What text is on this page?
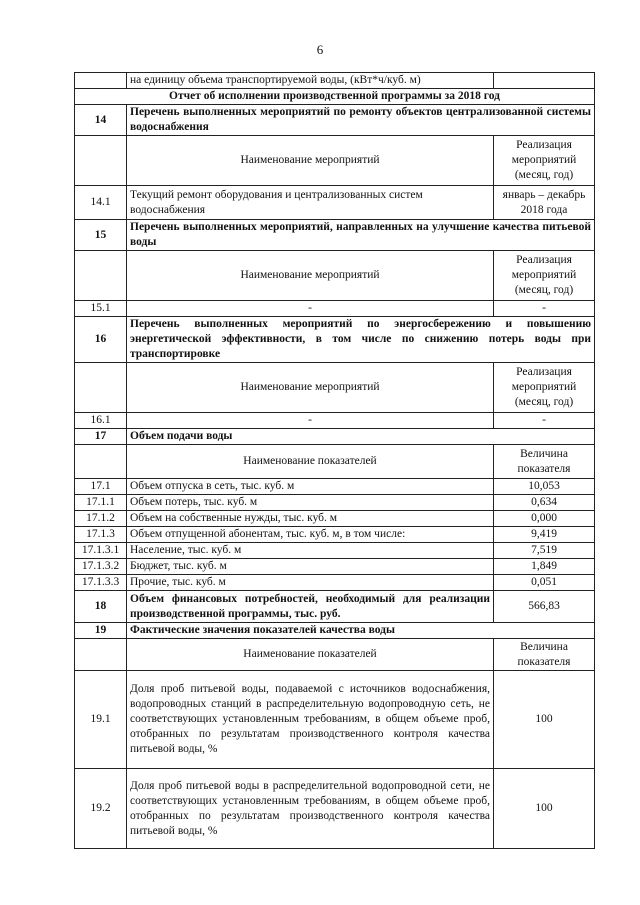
6
	на единицу объема транспортируемой воды, (кВт*ч/куб. м)	
Отчет об исполнении производственной программы за 2018 год		
14	Перечень выполненных мероприятий по ремонту объектов централизованной системы водоснабжения	
	Наименование мероприятий	Реализация мероприятий (месяц, год)
14.1	Текущий ремонт оборудования и централизованных систем водоснабжения	январь – декабрь 2018 года
15	Перечень выполненных мероприятий, направленных на улучшение качества питьевой воды	
	Наименование мероприятий	Реализация мероприятий (месяц, год)
15.1	-	-
16	Перечень выполненных мероприятий по энергосбережению и повышению энергетической эффективности, в том числе по снижению потерь воды при транспортировке	
	Наименование мероприятий	Реализация мероприятий (месяц, год)
16.1	-	-
17	Объем подачи воды	
	Наименование показателей	Величина показателя
17.1	Объем отпуска в сеть, тыс. куб. м	10,053
17.1.1	Объем потерь, тыс. куб. м	0,634
17.1.2	Объем на собственные нужды, тыс. куб. м	0,000
17.1.3	Объем отпущенной абонентам, тыс. куб. м, в том числе:	9,419
17.1.3.1	Население, тыс. куб. м	7,519
17.1.3.2	Бюджет, тыс. куб. м	1,849
17.1.3.3	Прочие, тыс. куб. м	0,051
18	Объем финансовых потребностей, необходимый для реализации производственной программы, тыс. руб.	566,83
19	Фактические значения показателей качества воды	
	Наименование показателей	Величина показателя
19.1	Доля проб питьевой воды, подаваемой с источников водоснабжения, водопроводных станций в распределительную водопроводную сеть, не соответствующих установленным требованиям, в общем объеме проб, отобранных по результатам производственного контроля качества питьевой воды, %	100
19.2	Доля проб питьевой воды в распределительной водопроводной сети, не соответствующих установленным требованиям, в общем объеме проб, отобранных по результатам производственного контроля качества питьевой воды, %	100
